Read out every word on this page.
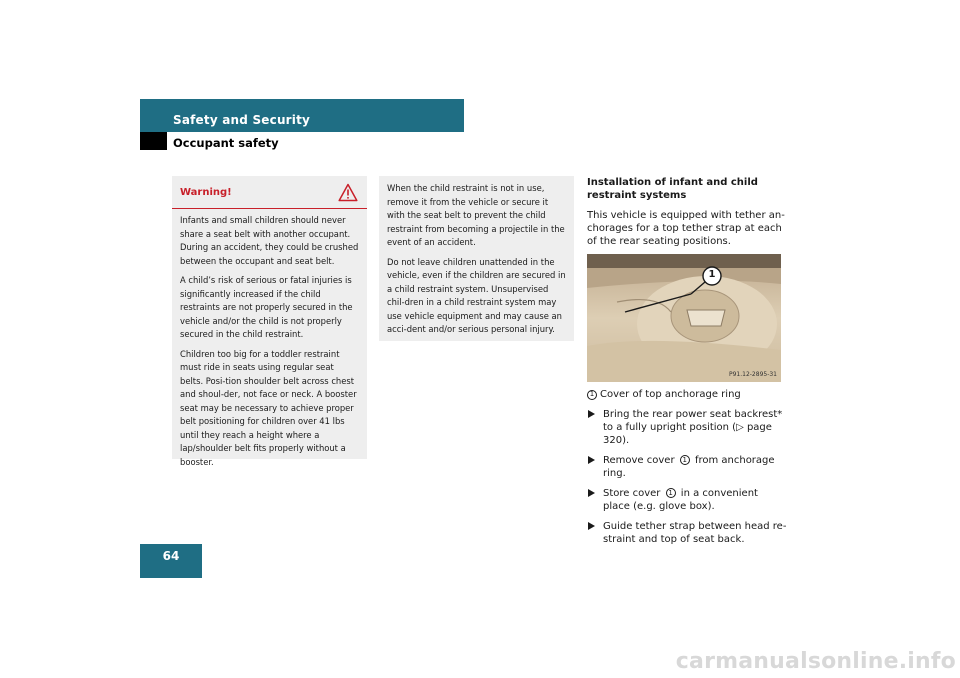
Safety and Security
Occupant safety
64
Warning!

Infants and small children should never share a seat belt with another occupant. During an accident, they could be crushed between the occupant and seat belt.

A child’s risk of serious or fatal injuries is significantly increased if the child restraints are not properly secured in the vehicle and/or the child is not properly secured in the child restraint.

Children too big for a toddler restraint must ride in seats using regular seat belts. Posi-tion shoulder belt across chest and shoul-der, not face or neck. A booster seat may be necessary to achieve proper belt positioning for children over 41 lbs until they reach a height where a lap/shoulder belt fits properly without a booster.

When the child restraint is not in use, remove it from the vehicle or secure it with the seat belt to prevent the child restraint from becoming a projectile in the event of an accident.

Do not leave children unattended in the vehicle, even if the children are secured in a child restraint system. Unsupervised chil-dren in a child restraint system may use vehicle equipment and may cause an acci-dent and/or serious personal injury.

Installation of infant and child restraint systems

This vehicle is equipped with tether an-chorages for a top tether strap at each of the rear seating positions.

1
P91.12-2895-31
1 Cover of top anchorage ring
Bring the rear power seat backrest* to a fully upright position (▷ page 320).
Remove cover 1 from anchorage ring.
Store cover 1 in a convenient place (e.g. glove box).
Guide tether strap between head re-straint and top of seat back.
carmanualsonline.info
